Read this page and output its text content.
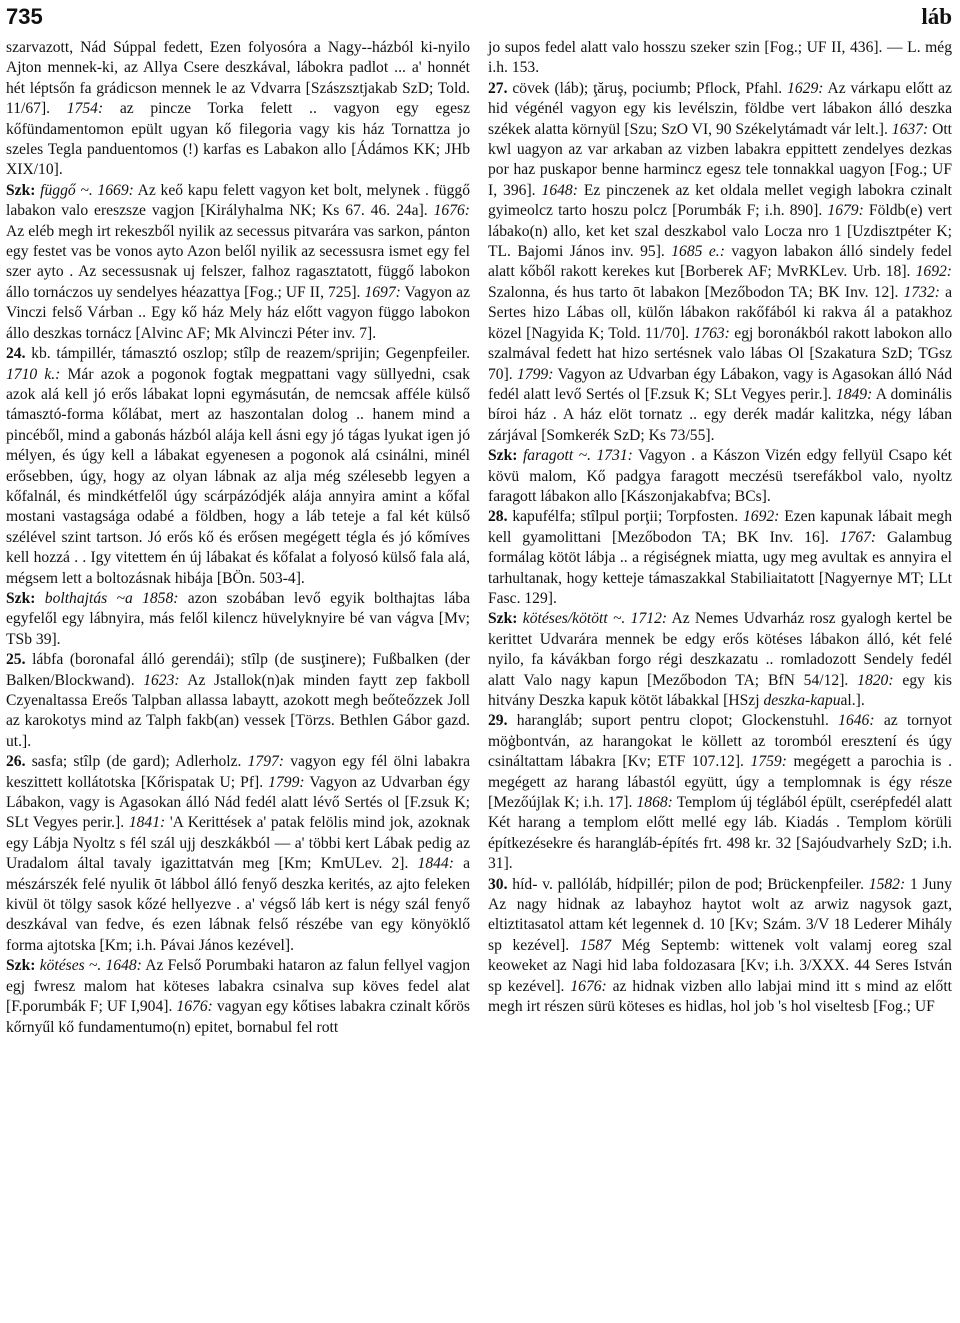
735	láb

szarvazott, Nád Súppal fedett, Ezen folyosóra a Nagy--házból ki-nyilo Ajton mennek-ki, az Allya Csere deszkával, lábokra padlot ... a' honnét hét léptsőn fa grádicson mennek le az Vdvarra [Szászsztjakab SzD; Told. 11/67]. 1754: az pincze Torka felett .. vagyon egy egesz kőfündamentomon epült ugyan kő filegoria vagy kis ház Tornattza jo szeles Tegla panduentomos (!) karfas es Labakon allo [Ádámos KK; JHb XIX/10].

Szk: függő ~. 1669: Az keő kapu felett vagyon ket bolt, melynek . függő labakon valo ereszsze vagjon [Királyhalma NK; Ks 67. 46. 24a]. 1676: Az eléb megh irt rekeszből nyilik az secessus pitvarára vas sarkon, pánton egy festet vas be vonos ayto Azon belől nyilik az secessusra ismet egy fel szer ayto . Az secessusnak uj felszer, falhoz ragasztatott, függő labokon állo tornáczos uy sendelyes héazattya [Fog.; UF II, 725]. 1697: Vagyon az Vinczi felső Várban .. Egy kő ház Mely ház előtt vagyon függo labokon állo deszkas tornácz [Alvinc AF; Mk Alvinczi Péter inv. 7].

24. kb. támpillér, támasztó oszlop; stîlp de reazem/sprijin; Gegenpfeiler. 1710 k.: Már azok a pogonok fogtak megpattani vagy süllyedni, csak azok alá kell jó erős lábakat lopni egymásután, de nemcsak afféle külső támasztó-forma kőlábat, mert az haszontalan dolog .. hanem mind a pincéből, mind a gabonás házból alája kell ásni egy jó tágas lyukat igen jó mélyen, és úgy kell a lábakat egyenesen a pogonok alá csinálni, minél erősebben, úgy, hogy az olyan lábnak az alja még szélesebb legyen a kőfalnál, és mindkétfelől úgy scárpázódjék alája annyira amint a kőfal mostani vastagsága odabé a földben, hogy a láb teteje a fal két külső szélével szint tartson. Jó erős kő és erősen megégett tégla és jó kőmíves kell hozzá . . Igy vitettem én új lábakat és kőfalat a folyosó külső fala alá, mégsem lett a boltozásnak hibája [BÖn. 503-4].

Szk: bolthajtás ~a 1858: azon szobában levő egyik bolthajtas lába egyfelől egy lábnyira, más felől kilencz hüvelyknyire bé van vágva [Mv; TSb 39].

25. lábfa (boronafal álló gerendái); stîlp (de susţinere); Fußbalken (der Balken/Blockwand). 1623: Az Jstallok(n)ak minden faytt zep fakboll Czyenaltassa Ereős Talpban allassa labaytt, azokott megh beőteőzzek Joll az karokotys mind az Talph fakb(an) vessek [Törzs. Bethlen Gábor gazd. ut.].

26. sasfa; stîlp (de gard); Adlerholz. 1797: vagyon egy fél ölni labakra keszittett kollátotska [Kőrispatak U; Pf]. 1799: Vagyon az Udvarban égy Lábakon, vagy is Agasokan álló Nád fedél alatt lévő Sertés ol [F.zsuk K; SLt Vegyes perir.]. 1841: 'A Kerittések a' patak felölis mind jok, azoknak egy Lábja Nyoltz s fél szál ujj deszkákból — a' többi kert Lábak pedig az Uradalom által tavaly igazittatván meg [Km; KmULev. 2]. 1844: a mészárszék felé nyulik ōt lábbol álló fenyő deszka kerités, az ajto feleken kivül öt tölgy sasok kőzé hellyezve . a' végső láb kert is négy szál fenyő deszkával van fedve, és ezen lábnak felső részébe van egy könyöklő forma ajtotska [Km; i.h. Pávai János kezével].

Szk: kötéses ~. 1648: Az Felső Porumbaki hataron az falun fellyel vagjon egj fwresz malom hat köteses labakra csinalva sup köves fedel alat [F.porumbák F; UF I,904]. 1676: vagyan egy kőtises labakra czinalt kőrös kőrnyűl kő fundamentumo(n) epitet, bornabul fel rott

jo supos fedel alatt valo hosszu szeker szin [Fog.; UF II, 436]. — L. még i.h. 153.

27. cövek (láb); ţăruş, pociumb; Pflock, Pfahl. 1629: Az várkapu előtt az hid végénél vagyon egy kis levélszin, földbe vert lábakon álló deszka székek alatta környül [Szu; SzO VI, 90 Székelytámadt vár lelt.]. 1637: Ott kwl uagyon az var arkaban az vizben labakra eppittett zendelyes dezkas por haz puskapor benne harmincz egesz tele tonnakkal uagyon [Fog.; UF I, 396]. 1648: Ez pinczenek az ket oldala mellet vegigh labokra czinalt gyimeolcz tarto hoszu polcz [Porumbák F; i.h. 890]. 1679: Földb(e) vert lábako(n) allo, ket ket szal deszkabol valo Locza nro 1 [Uzdisztpéter K; TL. Bajomi János inv. 95]. 1685 e.: vagyon labakon álló sindely fedel alatt kőből rakott kerekes kut [Borberek AF; MvRKLev. Urb. 18]. 1692: Szalonna, és hus tarto ōt labakon [Mezőbodon TA; BK Inv. 12]. 1732: a Sertes hizo Lábas oll, külőn lábakon rakőfából ki rakva ál a patakhoz közel [Nagyida K; Told. 11/70]. 1763: egj boronákból rakott labokon allo szalmával fedett hat hizo sertésnek valo lábas Ol [Szakatura SzD; TGsz 70]. 1799: Vagyon az Udvarban égy Lábakon, vagy is Agasokan álló Nád fedél alatt levő Sertés ol [F.zsuk K; SLt Vegyes perir.]. 1849: A dominális bíroi ház . A ház elöt tornatz .. egy derék madár kalitzka, négy lában zárjával [Somkerék SzD; Ks 73/55].

Szk: faragott ~. 1731: Vagyon . a Kászon Vizén edgy fellyül Csapo két kövü malom, Kő padgya faragott meczésü tserefákbol valo, nyoltz faragott lábakon allo [Kászonjakabfva; BCs].

28. kapufélfa; stîlpul porţii; Torpfosten. 1692: Ezen kapunak lábait megh kell gyamolittani [Mezőbodon TA; BK Inv. 16]. 1767: Galambug formálag kötöt lábja .. a régiségnek miatta, ugy meg avultak es annyira el tarhultanak, hogy ketteje támaszakkal Stabiliaitatott [Nagyernye MT; LLt Fasc. 129].

Szk: kötéses/kötött ~. 1712: Az Nemes Udvarház rosz gyalogh kertel be kerittet Udvarára mennek be edgy erős kötéses lábakon álló, két felé nyilo, fa kávákban forgo régi deszkazatu .. romladozott Sendely fedél alatt Valo nagy kapun [Mezőbodon TA; BfN 54/12]. 1820: egy kis hitvány Deszka kapuk kötöt lábakkal [HSzj deszka-kapual.].

29. harangláb; suport pentru clopot; Glockenstuhl. 1646: az tornyot möġbontván, az harangokat le köllett az toromból eresztení és úgy csináltattam lábakra [Kv; ETF 107.12]. 1759: megégett a parochia is . megégett az harang lábastól együtt, úgy a templomnak is égy része [Mezőújlak K; i.h. 17]. 1868: Templom új téglából épült, cserépfedél alatt Két harang a templom előtt mellé egy láb. Kiadás . Templom körüli építkezésekre és harangláb-építés frt. 498 kr. 32 [Sajóudvarhely SzD; i.h. 31].

30. híd- v. pallóláb, hídpillér; pilon de pod; Brückenpfeiler. 1582: 1 Juny Az nagy hidnak az labayhoz haytot wolt az arwiz nagysok gazt, eltiztitasatol attam két legennek d. 10 [Kv; Szám. 3/V 18 Lederer Mihály sp kezével]. 1587 Még Septemb: wittenek volt valamj eoreg szal keoweket az Nagi hid laba foldozasara [Kv; i.h. 3/XXX. 44 Seres István sp kezével]. 1676: az hidnak vizben allo labjai mind itt s mind az előtt megh irt részen sürü köteses es hidlas, hol job 's hol viseltesb [Fog.; UF
